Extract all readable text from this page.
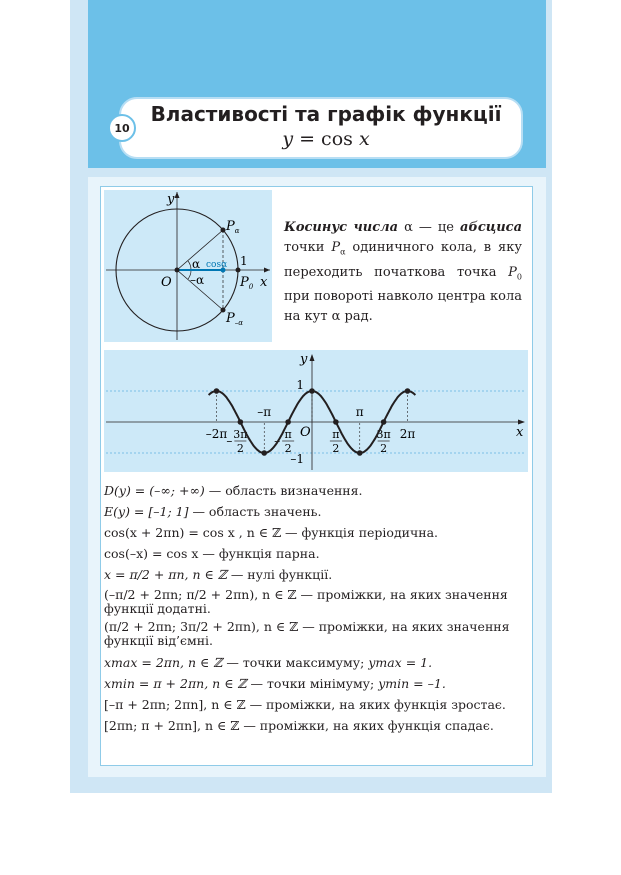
10
Властивості та графік функції
y = cos x
y
x
O
α
–α
cosα 1
$P_\alpha$
$P_0$
$P_{-\alpha}$
Косинус числа α — це абсциса точки $P_\alpha$ одиничного кола, в яку переходить початкова точка $P_0$ при повороті навколо центра кола на кут α рад.
–2π – 3π
2
– π
2
π
2
3π
2
2π
–π	π
1
–1
y
x
O
D(y) = (–∞; +∞) — область визначення.
E(y) = [–1; 1] — область значень.
cos(x + 2πn) = cos x , n ∈ ℤ — функція періодична.
cos(–x) = cos x — функція парна.
x = π/2 + πn, n ∈ ℤ — нулі функції.
(–π/2 + 2πn; π/2 + 2πn), n ∈ ℤ — проміжки, на яких значення функції додатні.
(π/2 + 2πn; 3π/2 + 2πn), n ∈ ℤ — проміжки, на яких значення функції від’ємні.
xmax = 2πn, n ∈ ℤ — точки максимуму; ymax = 1.
xmin = π + 2πn, n ∈ ℤ — точки мінімуму; ymin = –1.
[–π + 2πn; 2πn], n ∈ ℤ — проміжки, на яких функція зростає.
[2πn; π + 2πn], n ∈ ℤ — проміжки, на яких функція спадає.
